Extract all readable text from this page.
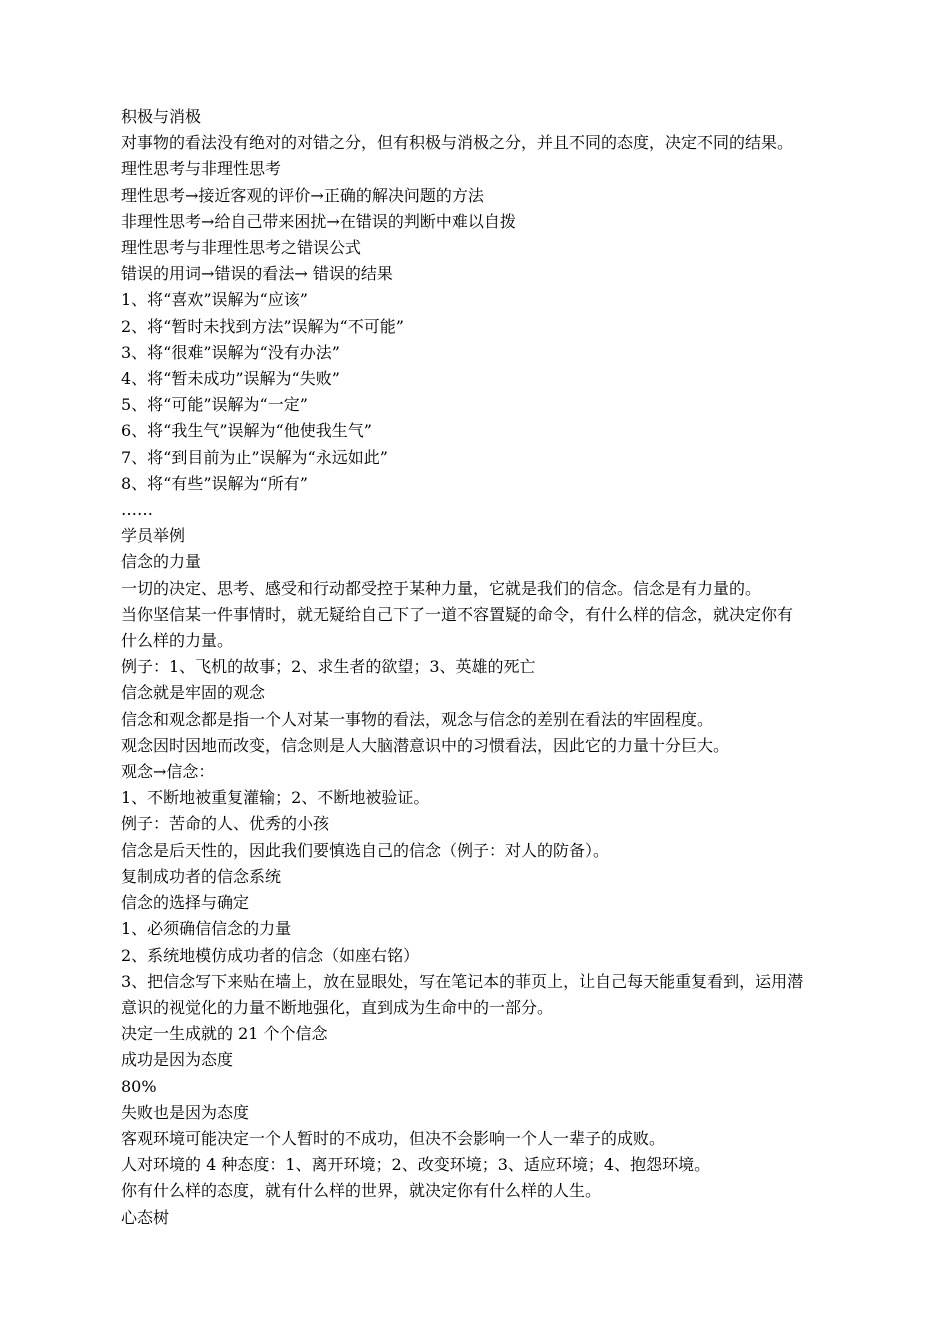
积极与消极
对事物的看法没有绝对的对错之分，但有积极与消极之分，并且不同的态度，决定不同的结果。
理性思考与非理性思考
理性思考→接近客观的评价→正确的解决问题的方法
非理性思考→给自己带来困扰→在错误的判断中难以自拨
理性思考与非理性思考之错误公式
错误的用词→错误的看法→ 错误的结果
1、将“喜欢”误解为“应该”
2、将“暂时未找到方法”误解为“不可能”
3、将“很难”误解为“没有办法”
4、将“暂未成功”误解为“失败”
5、将“可能”误解为“一定”
6、将“我生气”误解为“他使我生气”
7、将“到目前为止”误解为“永远如此”
8、将“有些”误解为“所有”
……
学员举例
信念的力量
一切的决定、思考、感受和行动都受控于某种力量，它就是我们的信念。信念是有力量的。
当你坚信某一件事情时，就无疑给自己下了一道不容置疑的命令，有什么样的信念，就决定你有
什么样的力量。
例子：1、飞机的故事；2、求生者的欲望；3、英雄的死亡
信念就是牢固的观念
信念和观念都是指一个人对某一事物的看法，观念与信念的差别在看法的牢固程度。
观念因时因地而改变，信念则是人大脑潜意识中的习惯看法，因此它的力量十分巨大。
观念→信念：
1、不断地被重复灌输；2、不断地被验证。
例子：苦命的人、优秀的小孩
信念是后天性的，因此我们要慎选自己的信念（例子：对人的防备）。
复制成功者的信念系统
信念的选择与确定
1、必须确信信念的力量
2、系统地模仿成功者的信念（如座右铭）
3、把信念写下来贴在墙上，放在显眼处，写在笔记本的菲页上，让自己每天能重复看到，运用潜
意识的视觉化的力量不断地强化，直到成为生命中的一部分。
决定一生成就的 21 个个信念
成功是因为态度
80%
失败也是因为态度
客观环境可能决定一个人暂时的不成功，但决不会影响一个人一辈子的成败。
人对环境的 4 种态度：1、离开环境；2、改变环境；3、适应环境；4、抱怨环境。
你有什么样的态度，就有什么样的世界，就决定你有什么样的人生。
心态树
